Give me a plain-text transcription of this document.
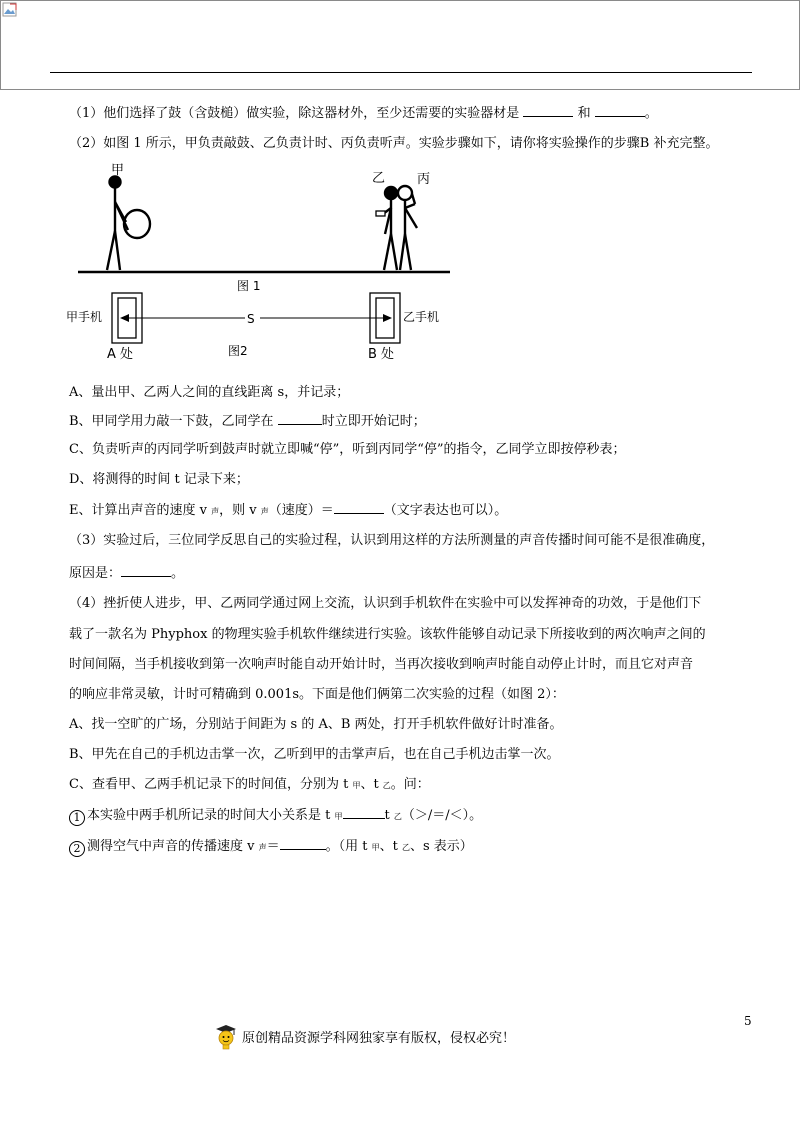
（1）他们选择了鼓（含鼓槌）做实验，除这器材外，至少还需要的实验器材是	和	。
（2）如图 1 所示，甲负责敲鼓、乙负责计时、丙负责听声。实验步骤如下，请你将实验操作的步骤B 补充完整。
甲
乙 丙
图 1
甲手机	乙手机
S
图2
A 处	B 处
A、量出甲、乙两人之间的直线距离 s，并记录；
B、甲同学用力敲一下鼓，乙同学在	时立即开始记时；
C、负责听声的丙同学听到鼓声时就立即喊“停”，听到丙同学“停”的指令，乙同学立即按停秒表；
D、将测得的时间 t 记录下来；
E、计算出声音的速度 v 声，则 v 声（速度）＝	（文字表达也可以）。
（3）实验过后，三位同学反思自己的实验过程，认识到用这样的方法所测量的声音传播时间可能不是很准确度，
原因是：	。
（4）挫折使人进步，甲、乙两同学通过网上交流，认识到手机软件在实验中可以发挥神奇的功效，于是他们下
载了一款名为 Phyphox 的物理实验手机软件继续进行实验。该软件能够自动记录下所接收到的两次响声之间的
时间间隔，当手机接收到第一次响声时能自动开始计时，当再次接收到响声时能自动停止计时，而且它对声音
的响应非常灵敏，计时可精确到 0.001s。下面是他们俩第二次实验的过程（如图 2）：
A、找一空旷的广场，分别站于间距为 s 的 A、B 两处，打开手机软件做好计时准备。
B、甲先在自己的手机边击掌一次，乙听到甲的击掌声后，也在自己手机边击掌一次。
C、查看甲、乙两手机记录下的时间值，分别为 t 甲、t 乙。问：
1 本实验中两手机所记录的时间大小关系是 t 甲	t 乙（＞/＝/＜）。
2 测得空气中声音的传播速度 v 声＝	。（用 t 甲、t 乙、s 表示）
5
原创精品资源学科网独家享有版权，侵权必究！
